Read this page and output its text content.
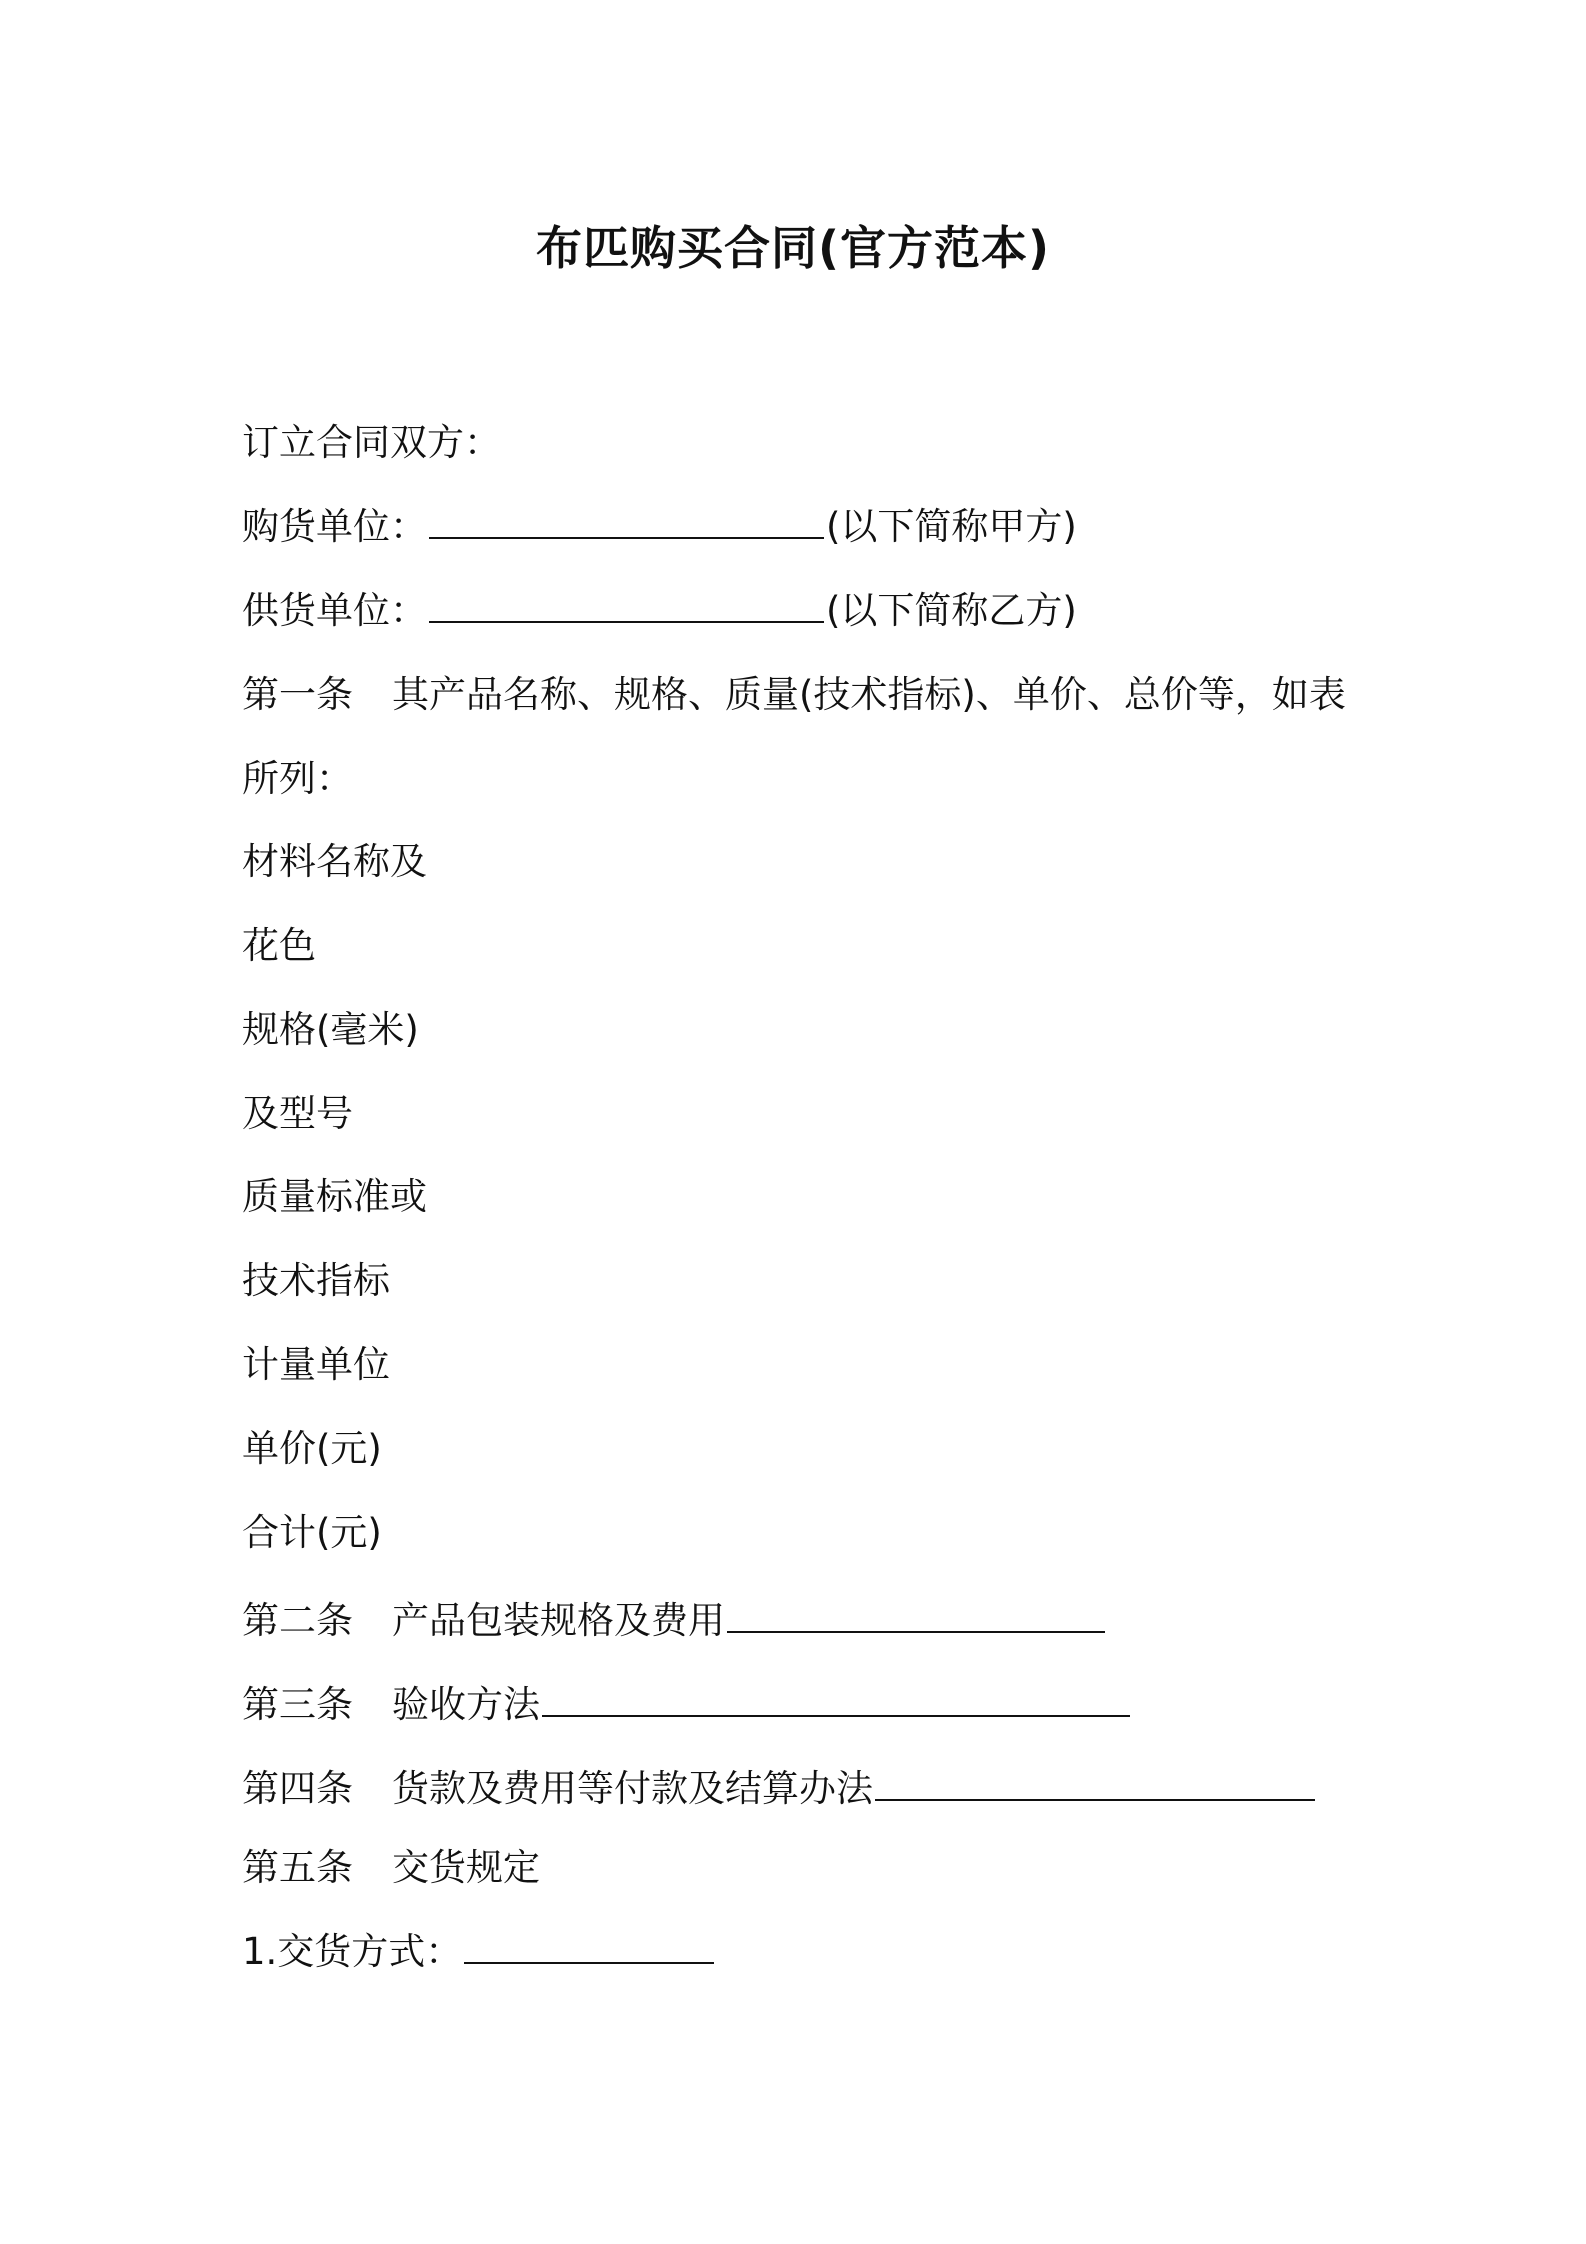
布匹购买合同(官方范本)
订立合同双方：
购货单位：	(以下简称甲方)
供货单位：	(以下简称乙方)
第一条 其产品名称、规格、质量(技术指标)、单价、总价等，如表
所列：
材料名称及
花色
规格(毫米)
及型号
质量标准或
技术指标
计量单位
单价(元)
合计(元)
第二条 产品包装规格及费用
第三条 验收方法
第四条 货款及费用等付款及结算办法
第五条 交货规定
1.交货方式：
